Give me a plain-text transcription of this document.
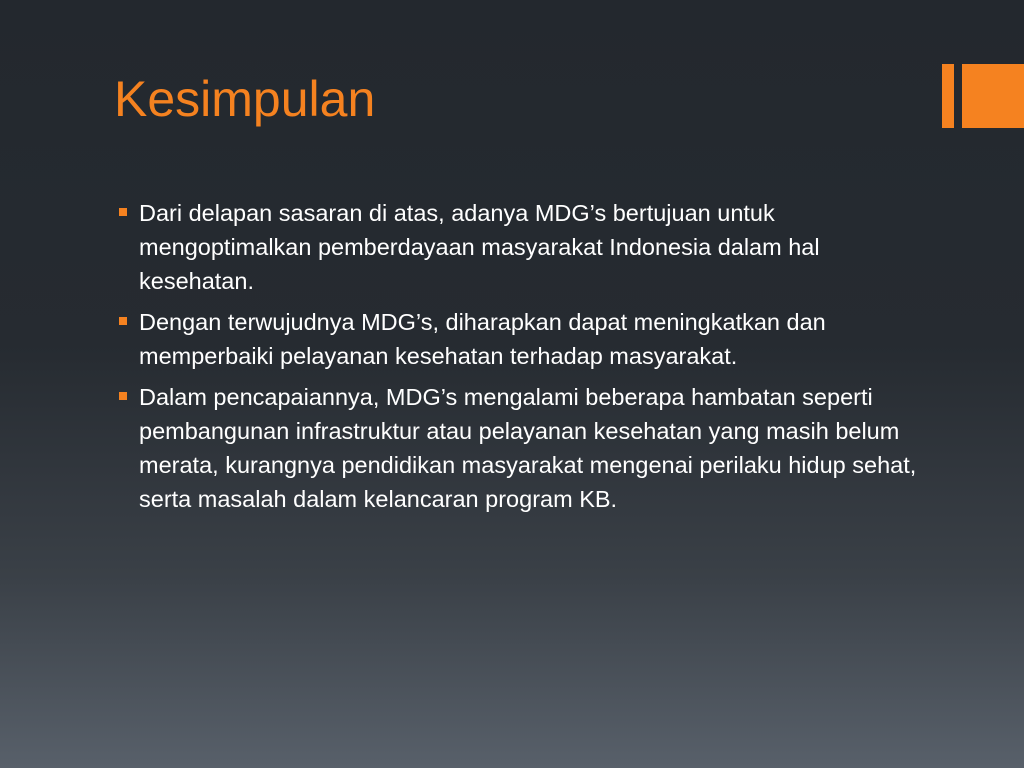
Kesimpulan
Dari delapan sasaran di atas, adanya MDG’s bertujuan untuk mengoptimalkan pemberdayaan masyarakat Indonesia dalam hal kesehatan.
Dengan terwujudnya MDG’s, diharapkan dapat meningkatkan dan memperbaiki pelayanan kesehatan terhadap masyarakat.
Dalam pencapaiannya, MDG’s mengalami beberapa hambatan seperti pembangunan infrastruktur atau pelayanan kesehatan yang masih belum merata, kurangnya pendidikan masyarakat mengenai perilaku hidup sehat, serta masalah dalam kelancaran program KB.
